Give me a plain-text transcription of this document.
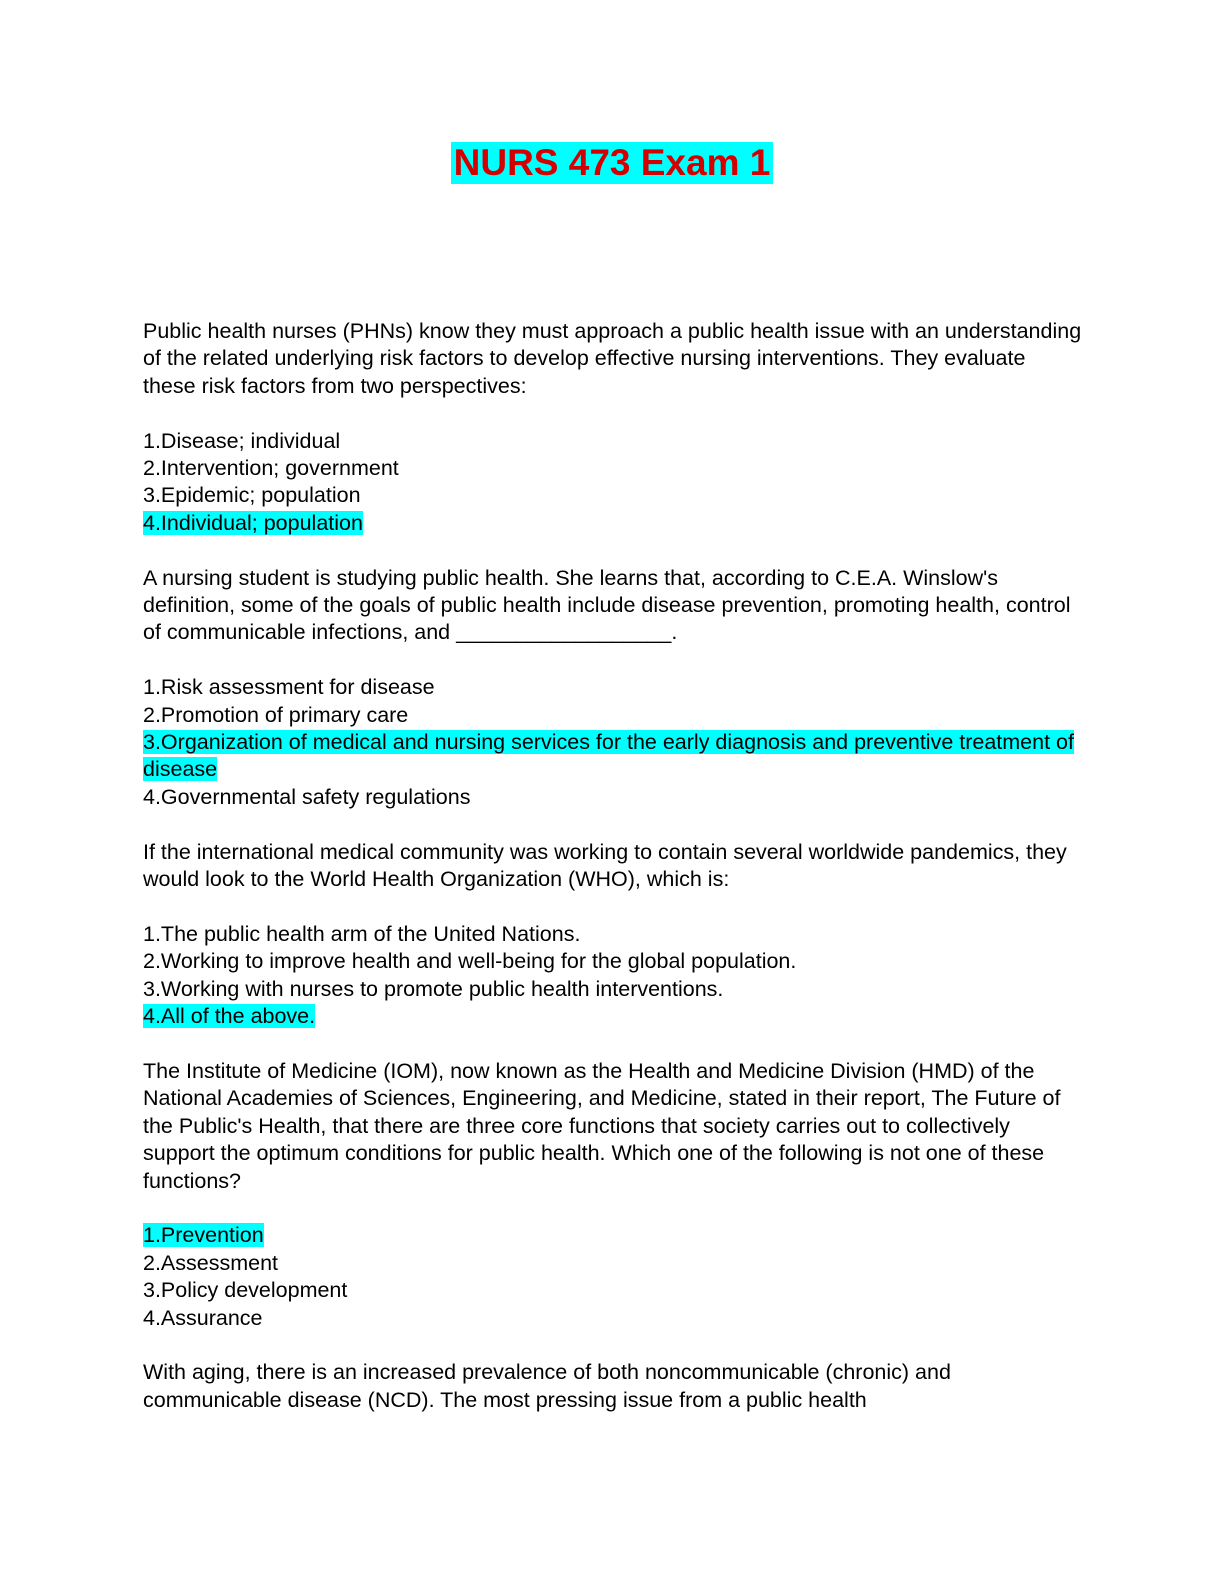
NURS 473 Exam 1

Public health nurses (PHNs) know they must approach a public health issue with an understanding of the related underlying risk factors to develop effective nursing interventions. They evaluate these risk factors from two perspectives:

1.Disease; individual
2.Intervention; government
3.Epidemic; population
4.Individual; population

A nursing student is studying public health. She learns that, according to C.E.A. Winslow's definition, some of the goals of public health include disease prevention, promoting health, control of communicable infections, and __________________.

1.Risk assessment for disease
2.Promotion of primary care
3.Organization of medical and nursing services for the early diagnosis and preventive treatment of disease
4.Governmental safety regulations

If the international medical community was working to contain several worldwide pandemics, they would look to the World Health Organization (WHO), which is:

1.The public health arm of the United Nations.
2.Working to improve health and well-being for the global population.
3.Working with nurses to promote public health interventions.
4.All of the above.

The Institute of Medicine (IOM), now known as the Health and Medicine Division (HMD) of the National Academies of Sciences, Engineering, and Medicine, stated in their report, The Future of the Public's Health, that there are three core functions that society carries out to collectively support the optimum conditions for public health. Which one of the following is not one of these functions?

1.Prevention
2.Assessment
3.Policy development
4.Assurance

With aging, there is an increased prevalence of both noncommunicable (chronic) and communicable disease (NCD). The most pressing issue from a public health
